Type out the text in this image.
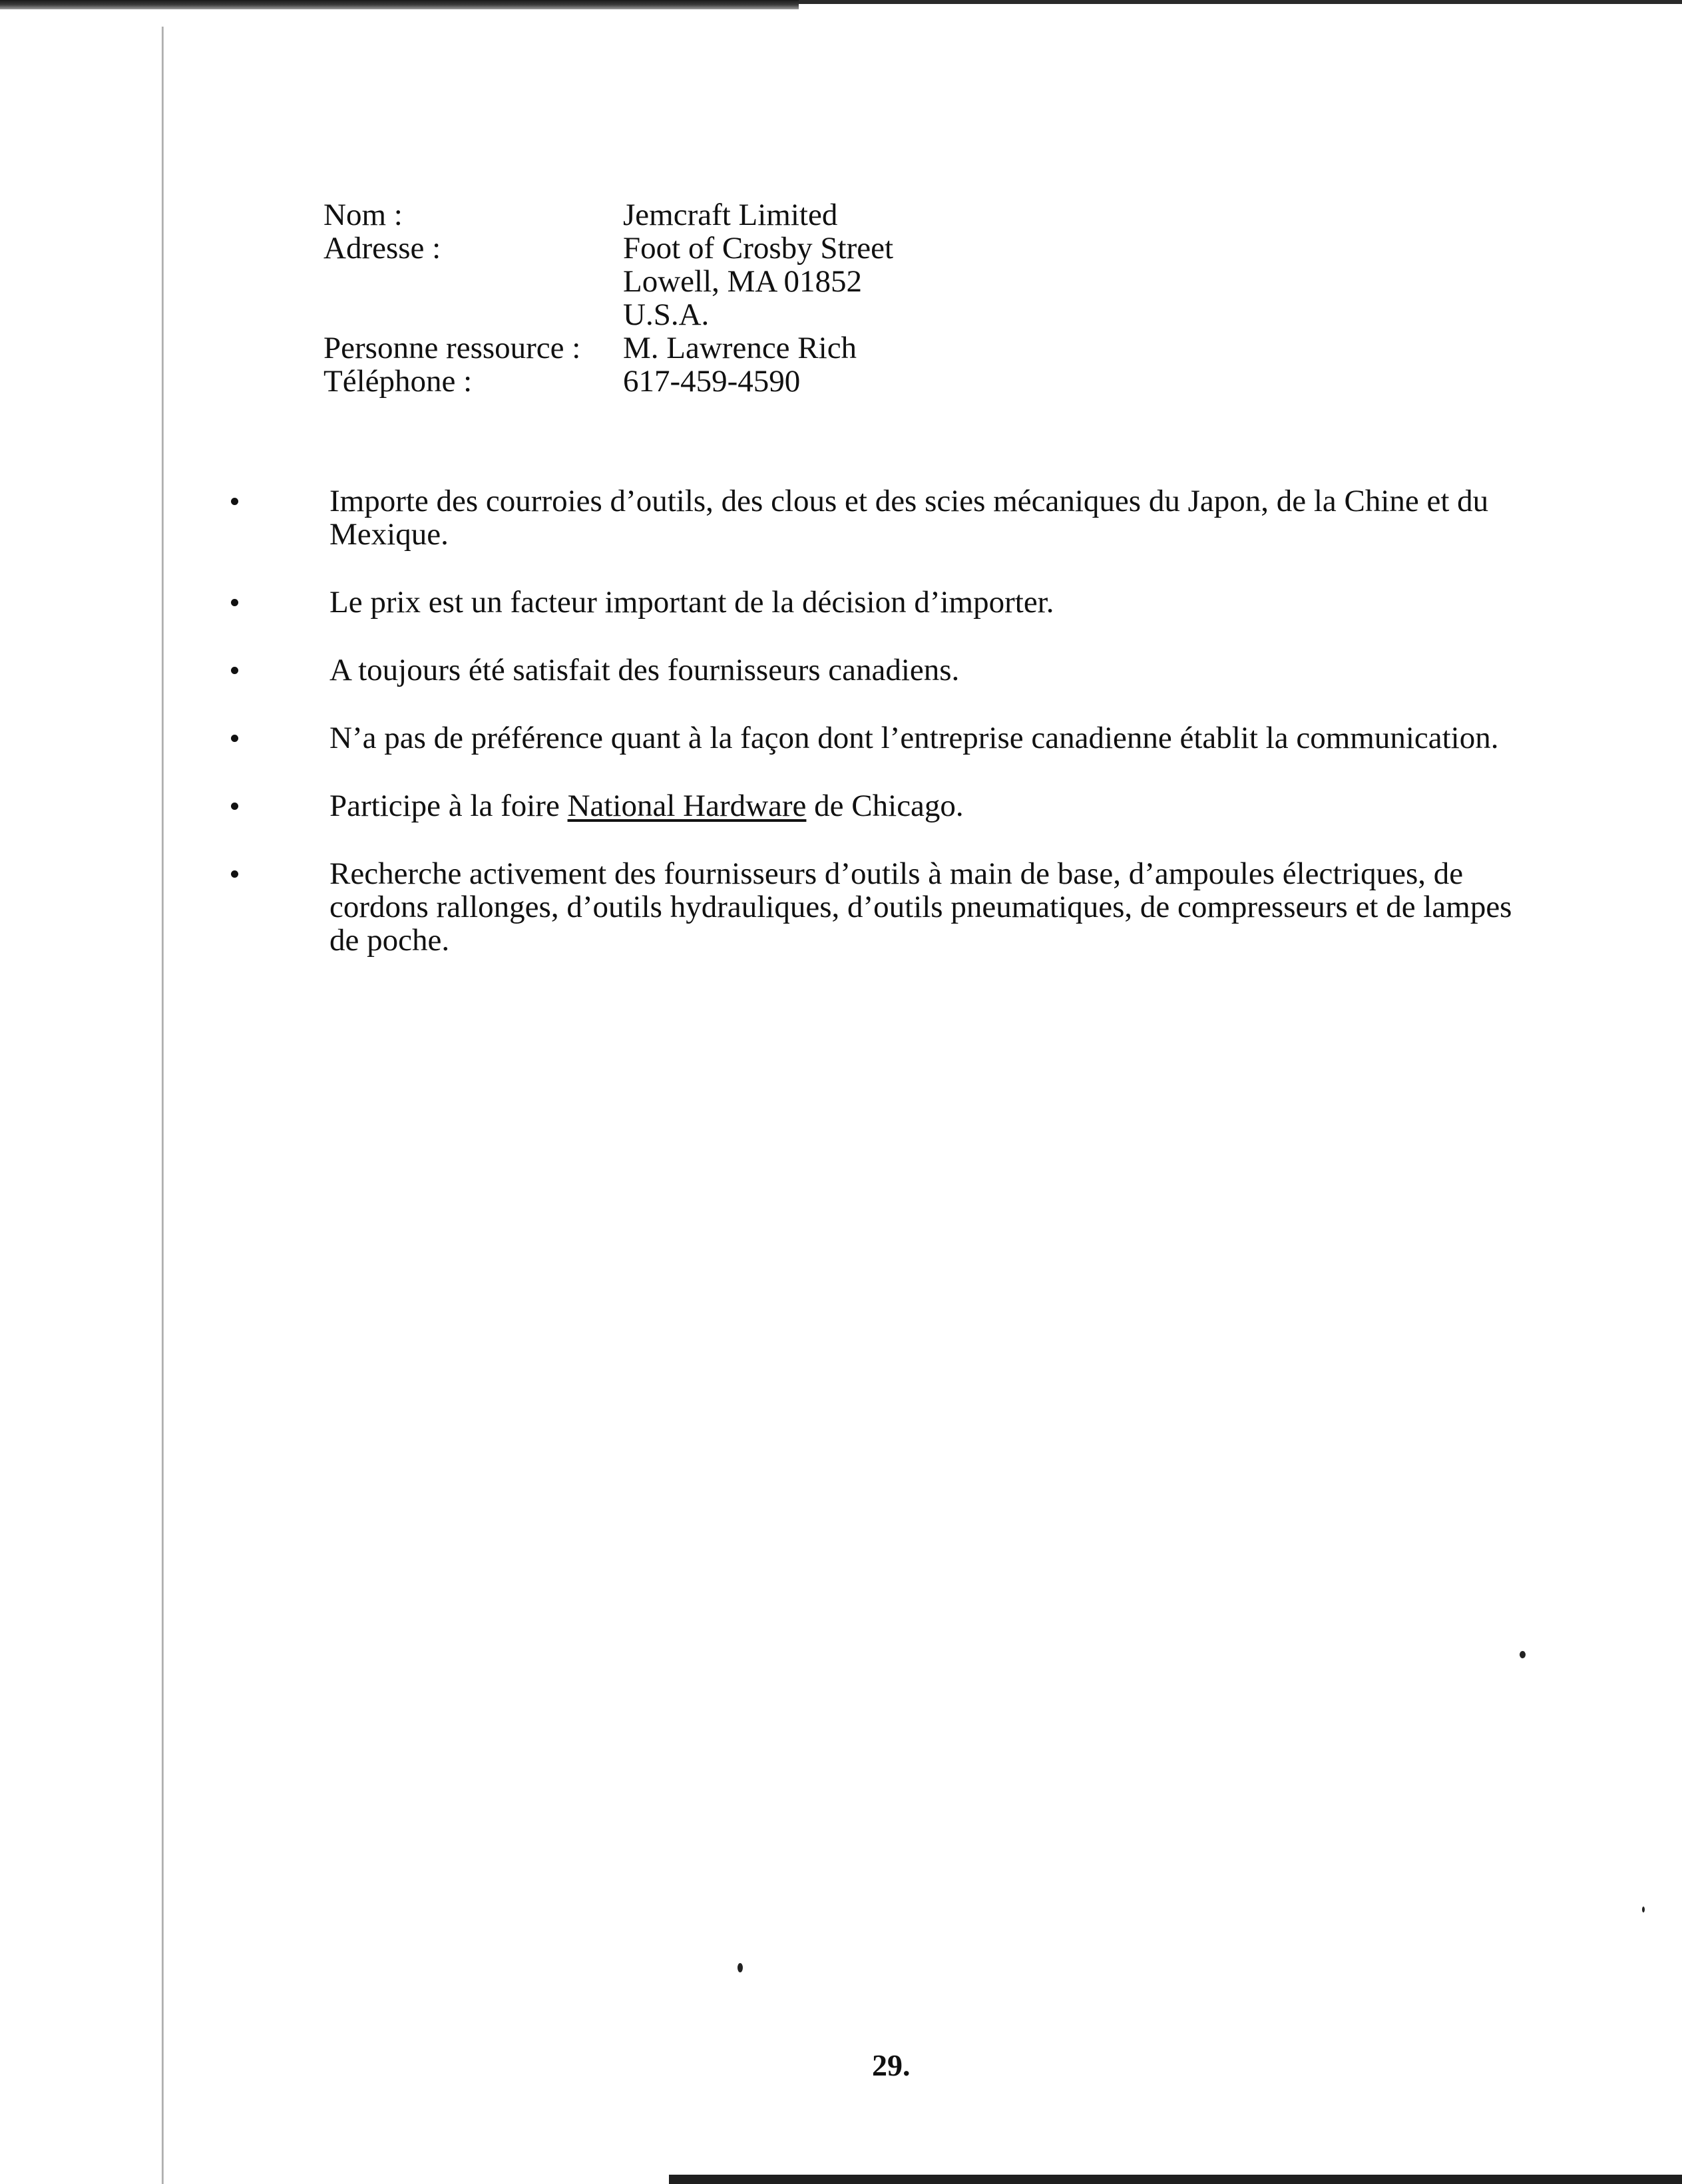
Nom :	Jemcraft Limited
Adresse :	Foot of Crosby Street
Lowell, MA 01852
U.S.A.
Personne ressource :	M. Lawrence Rich
Téléphone :	617-459-4590
Importe des courroies d’outils, des clous et des scies mécaniques du Japon, de la Chine et du Mexique.
Le prix est un facteur important de la décision d’importer.
A toujours été satisfait des fournisseurs canadiens.
N’a pas de préférence quant à la façon dont l’entreprise canadienne établit la communication.
Participe à la foire National Hardware de Chicago.
Recherche activement des fournisseurs d’outils à main de base, d’ampoules électriques, de cordons rallonges, d’outils hydrauliques, d’outils pneumatiques, de compresseurs et de lampes de poche.
29.
